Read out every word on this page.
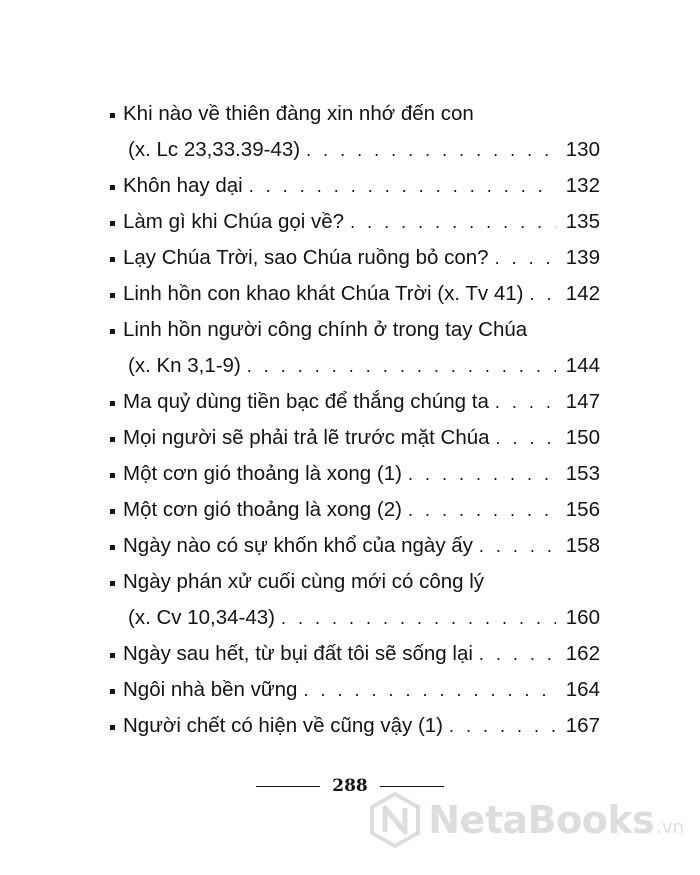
Khi nào về thiên đàng xin nhớ đến con
(x. Lc 23,33.39-43) . . .	130
Khôn hay dại . . .	132
Làm gì khi Chúa gọi về? . . .	135
Lạy Chúa Trời, sao Chúa ruồng bỏ con? . . .	139
Linh hồn con khao khát Chúa Trời (x. Tv 41) . . . 142
Linh hồn người công chính ở trong tay Chúa
(x. Kn 3,1-9) . . .	144
Ma quỷ dùng tiền bạc để thắng chúng ta . . .	147
Mọi người sẽ phải trả lẽ trước mặt Chúa . . .	150
Một cơn gió thoảng là xong (1) . . .	153
Một cơn gió thoảng là xong (2) . . .	156
Ngày nào có sự khốn khổ của ngày ấy . . .	158
Ngày phán xử cuối cùng mới có công lý
(x. Cv 10,34-43) . . .	160
Ngày sau hết, từ bụi đất tôi sẽ sống lại . . .	162
Ngôi nhà bền vững . . .	164
Người chết có hiện về cũng vậy (1) . . .	167
288
NetaBooks .vn
